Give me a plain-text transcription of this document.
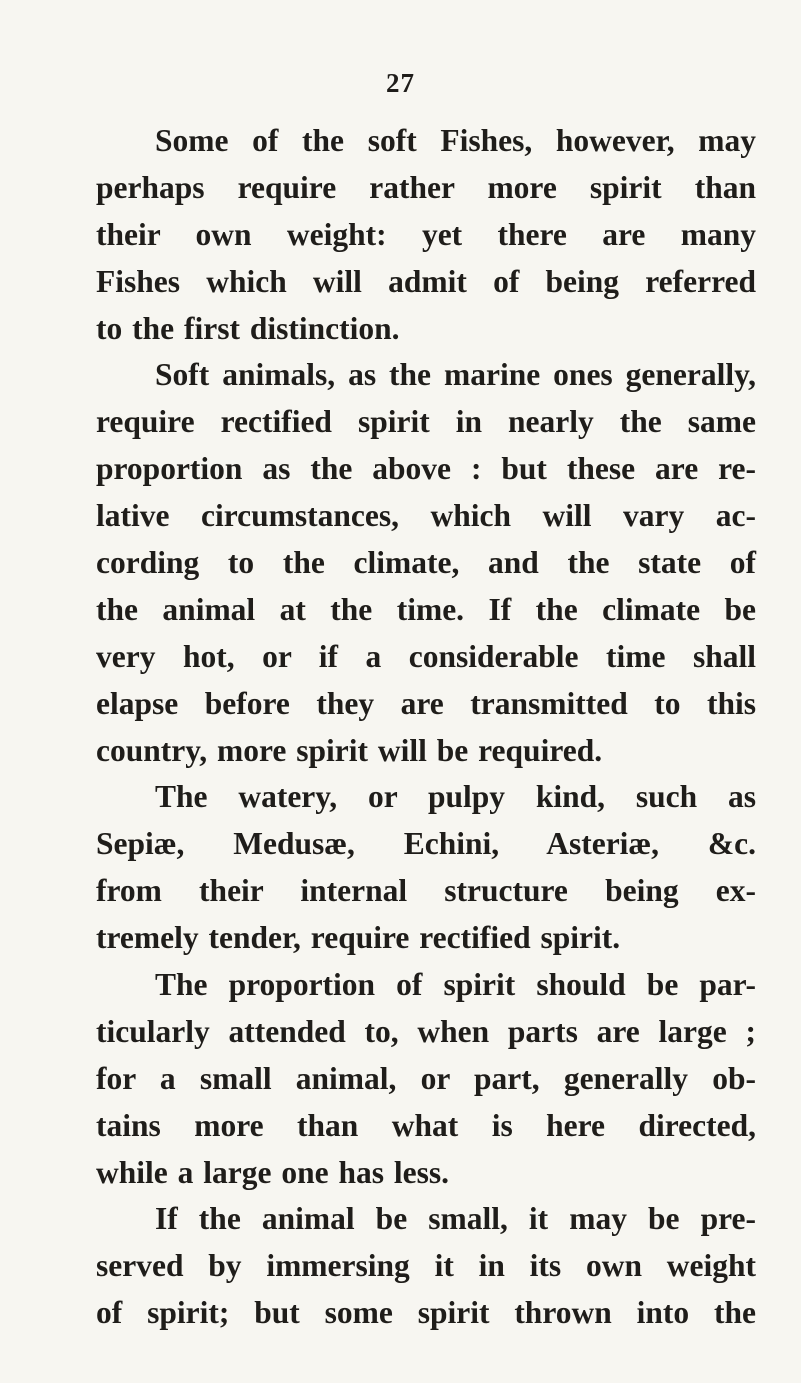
27
Some of the soft Fishes, however, may
perhaps require rather more spirit than
their own weight: yet there are many
Fishes which will admit of being referred
to the first distinction.
Soft animals, as the marine ones generally,
require rectified spirit in nearly the same
proportion as the above : but these are re-
lative circumstances, which will vary ac-
cording to the climate, and the state of
the animal at the time. If the climate be
very hot, or if a considerable time shall
elapse before they are transmitted to this
country, more spirit will be required.
The watery, or pulpy kind, such as
Sepiæ, Medusæ, Echini, Asteriæ, &c.
from their internal structure being ex-
tremely tender, require rectified spirit.
The proportion of spirit should be par-
ticularly attended to, when parts are large ;
for a small animal, or part, generally ob-
tains more than what is here directed,
while a large one has less.
If the animal be small, it may be pre-
served by immersing it in its own weight
of spirit; but some spirit thrown into the
